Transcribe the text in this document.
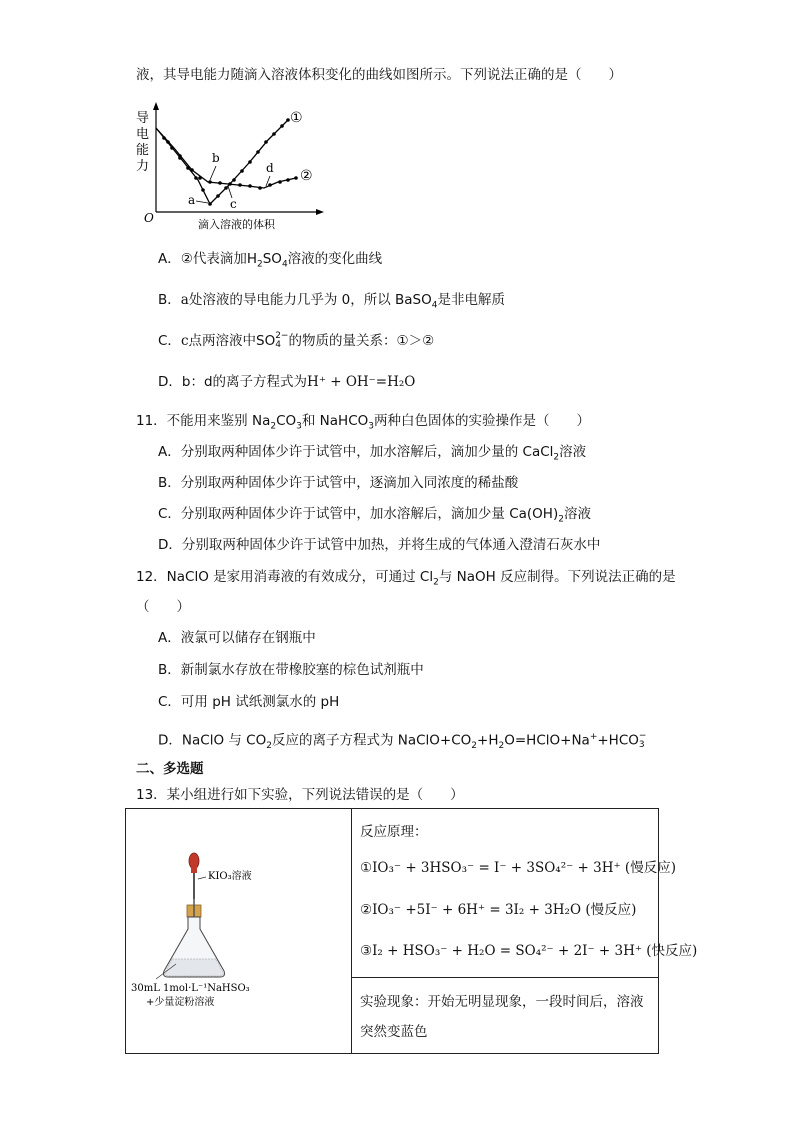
液，其导电能力随滴入溶液体积变化的曲线如图所示。下列说法正确的是（　　）
导
电
能
力
O	滴入溶液的体积
①
②
a
b
c
d
A．②代表滴加$H_2SO_4$溶液的变化曲线
B．a处溶液的导电能力几乎为 0，所以 BaSO$_4$是非电解质
C．c点两溶液中SO 2−
4 的物质的量关系：①＞②
D．b：d的离子方程式为H⁺ + OH⁻=H₂O
11．不能用来鉴别 $Na_2CO_3$和 NaHCO$_3$两种白色固体的实验操作是（　　）
A．分别取两种固体少许于试管中，加水溶解后，滴加少量的 CaCl$_2$溶液
B．分别取两种固体少许于试管中，逐滴加入同浓度的稀盐酸
C．分别取两种固体少许于试管中，加水溶解后，滴加少量 $Ca(OH)_2$溶液
D．分别取两种固体少许于试管中加热，并将生成的气体通入澄清石灰水中
12．NaClO 是家用消毒液的有效成分，可通过 $Cl_2$与 NaOH 反应制得。下列说法正确的是
（　　）
A．液氯可以储存在钢瓶中
B．新制氯水存放在带橡胶塞的棕色试剂瓶中
C．可用 pH 试纸测氯水的 pH
D．NaClO 与 $CO_2$反应的离子方程式为 $NaClO+CO_2+H_2O=HClO+Na^++HCO$ −
3
二、多选题
13．某小组进行如下实验，下列说法错误的是（　　）
KIO₃溶液
30mL 1mol·L⁻¹NaHSO₃
+少量淀粉溶液
反应原理：
①IO₃⁻ + 3HSO₃⁻ = I⁻ + 3SO₄²⁻ + 3H⁺ (慢反应)
②IO₃⁻ +5I⁻ + 6H⁺ = 3I₂ + 3H₂O (慢反应)
③I₂ + HSO₃⁻ + H₂O = SO₄²⁻ + 2I⁻ + 3H⁺ (快反应)
实验现象：开始无明显现象，一段时间后，溶液
突然变蓝色
